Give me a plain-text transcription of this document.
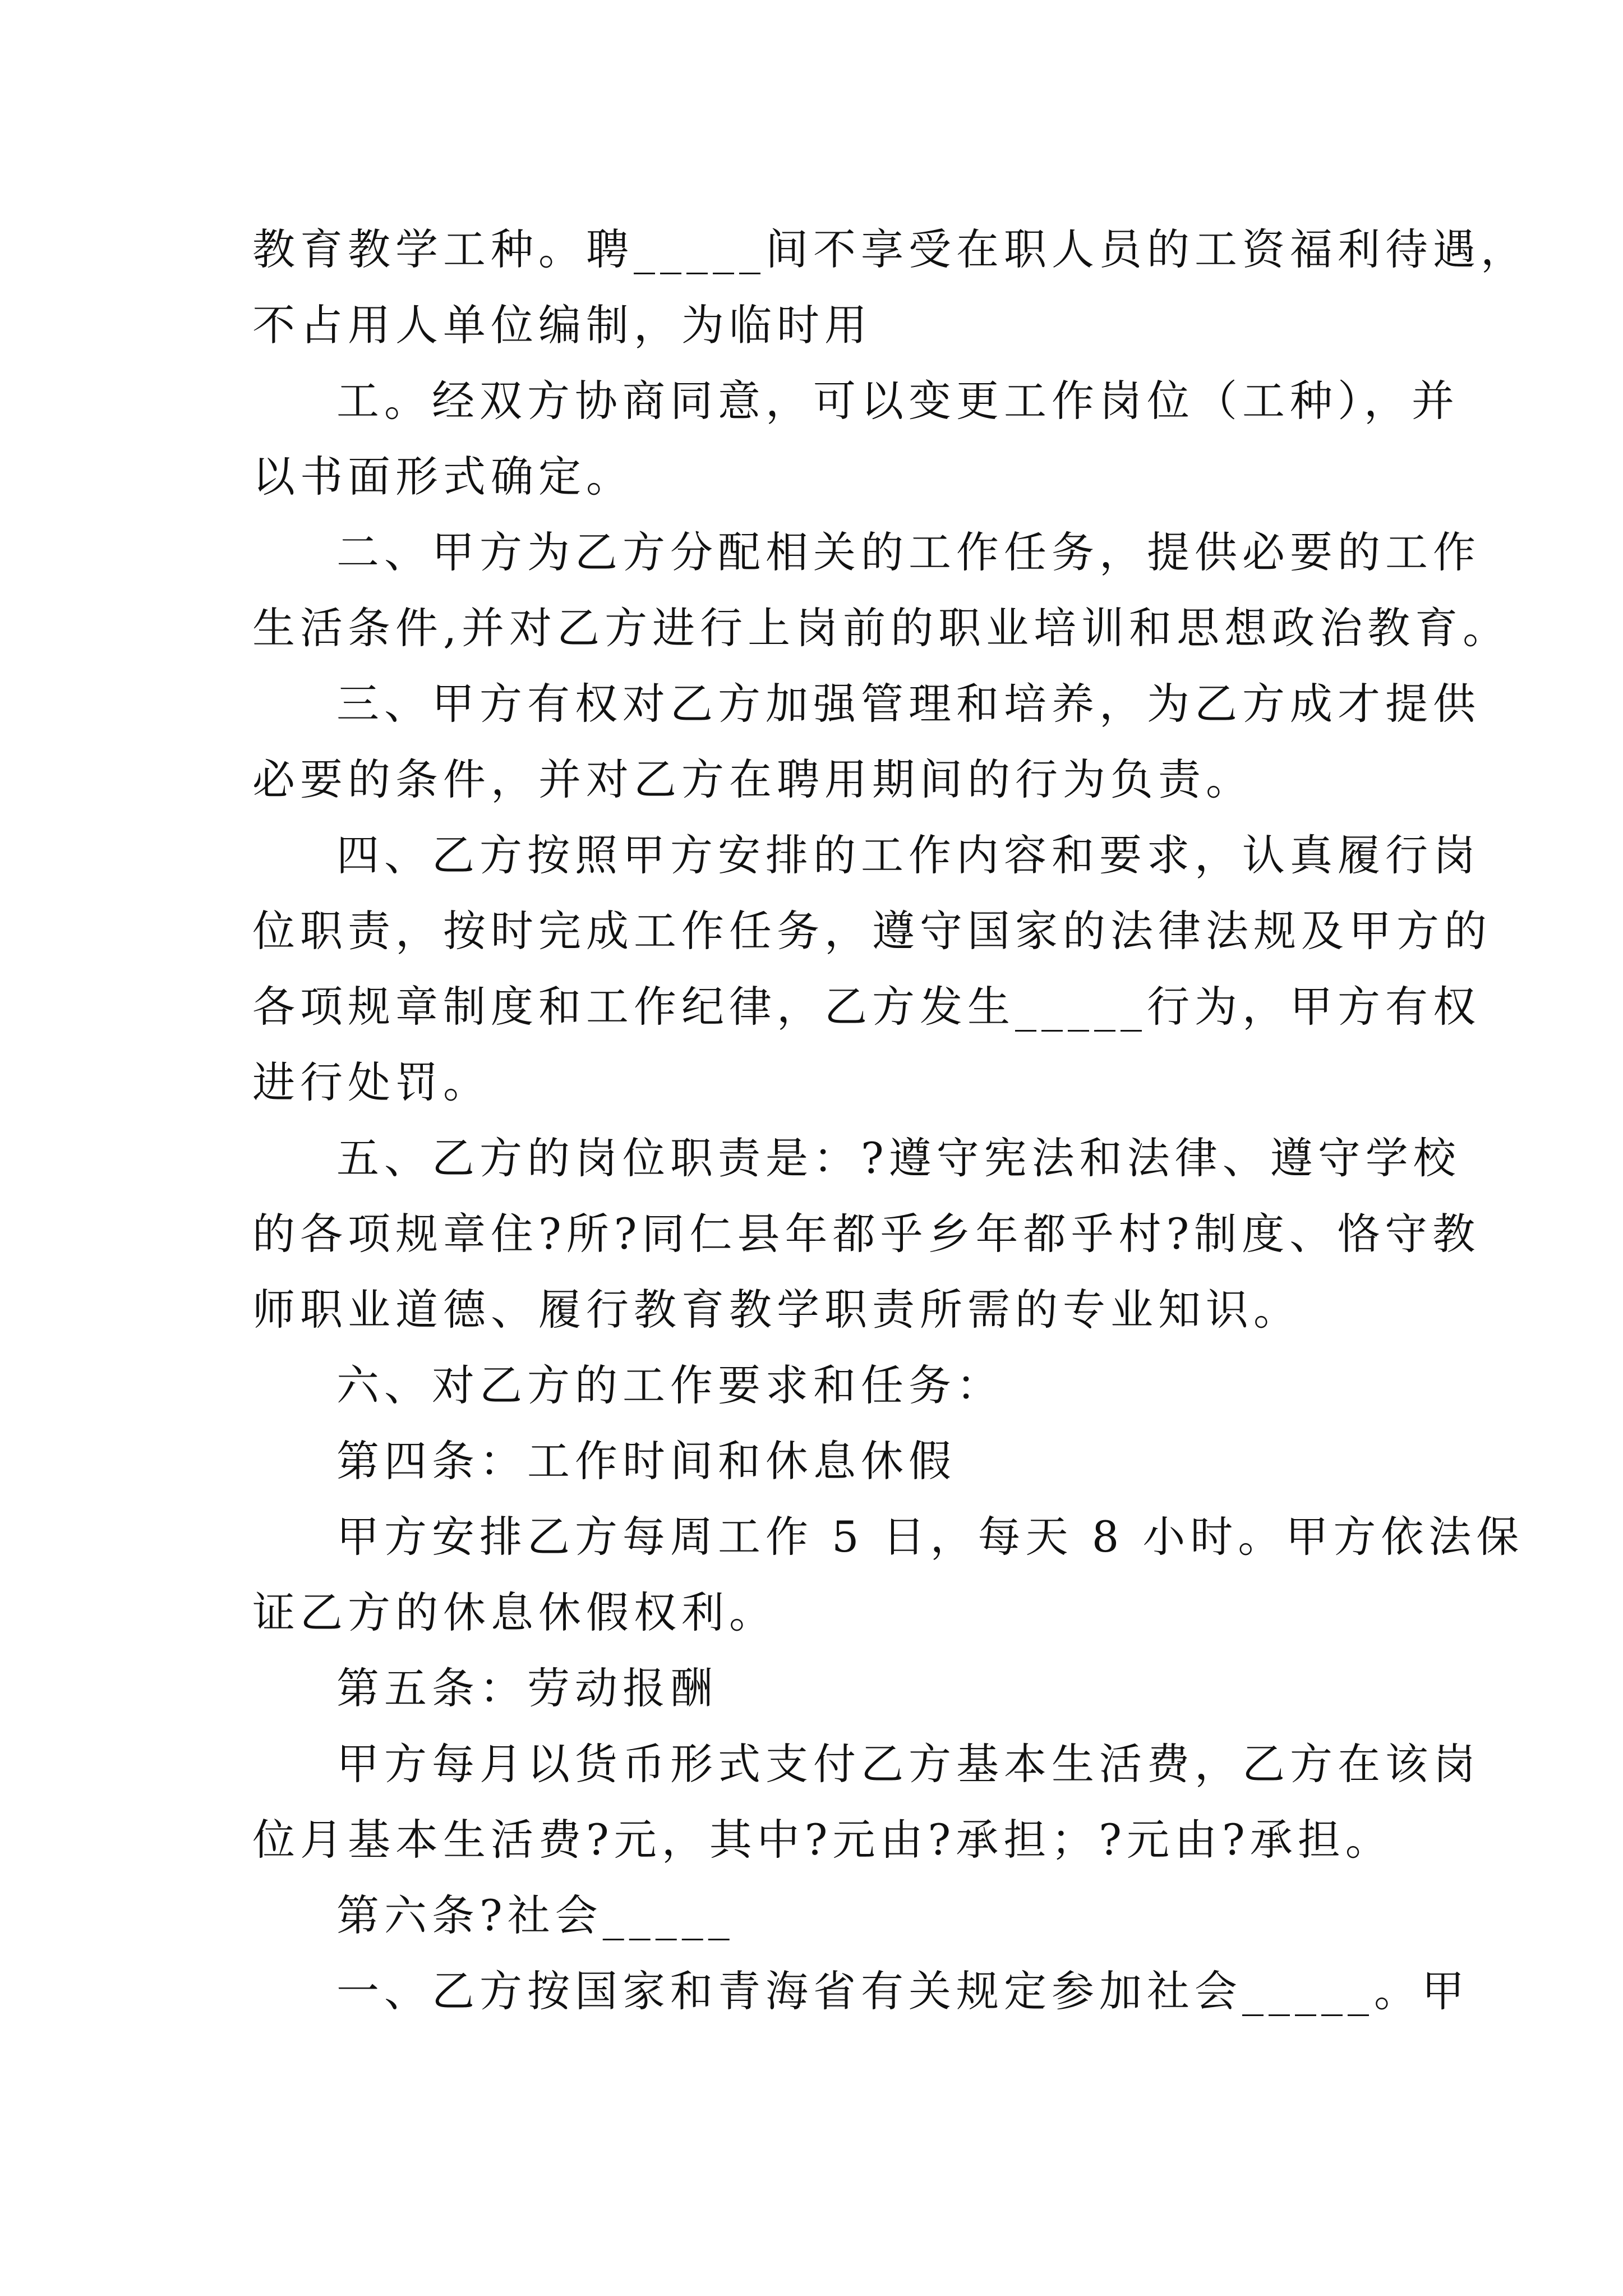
教育教学工种。聘_____间不享受在职人员的工资福利待遇，
不占用人单位编制，为临时用
工。经双方协商同意，可以变更工作岗位（工种），并
以书面形式确定。
二、甲方为乙方分配相关的工作任务，提供必要的工作
生活条件,并对乙方进行上岗前的职业培训和思想政治教育。
三、甲方有权对乙方加强管理和培养，为乙方成才提供
必要的条件，并对乙方在聘用期间的行为负责。
四、乙方按照甲方安排的工作内容和要求，认真履行岗
位职责，按时完成工作任务，遵守国家的法律法规及甲方的
各项规章制度和工作纪律，乙方发生_____行为，甲方有权
进行处罚。
五、乙方的岗位职责是：?遵守宪法和法律、遵守学校
的各项规章住?所?同仁县年都乎乡年都乎村?制度、恪守教
师职业道德、履行教育教学职责所需的专业知识。
六、对乙方的工作要求和任务：
第四条：工作时间和休息休假
甲方安排乙方每周工作 5 日，每天 8 小时。甲方依法保
证乙方的休息休假权利。
第五条：劳动报酬
甲方每月以货币形式支付乙方基本生活费，乙方在该岗
位月基本生活费?元，其中?元由?承担；?元由?承担。
第六条?社会_____
一、乙方按国家和青海省有关规定参加社会_____。甲
